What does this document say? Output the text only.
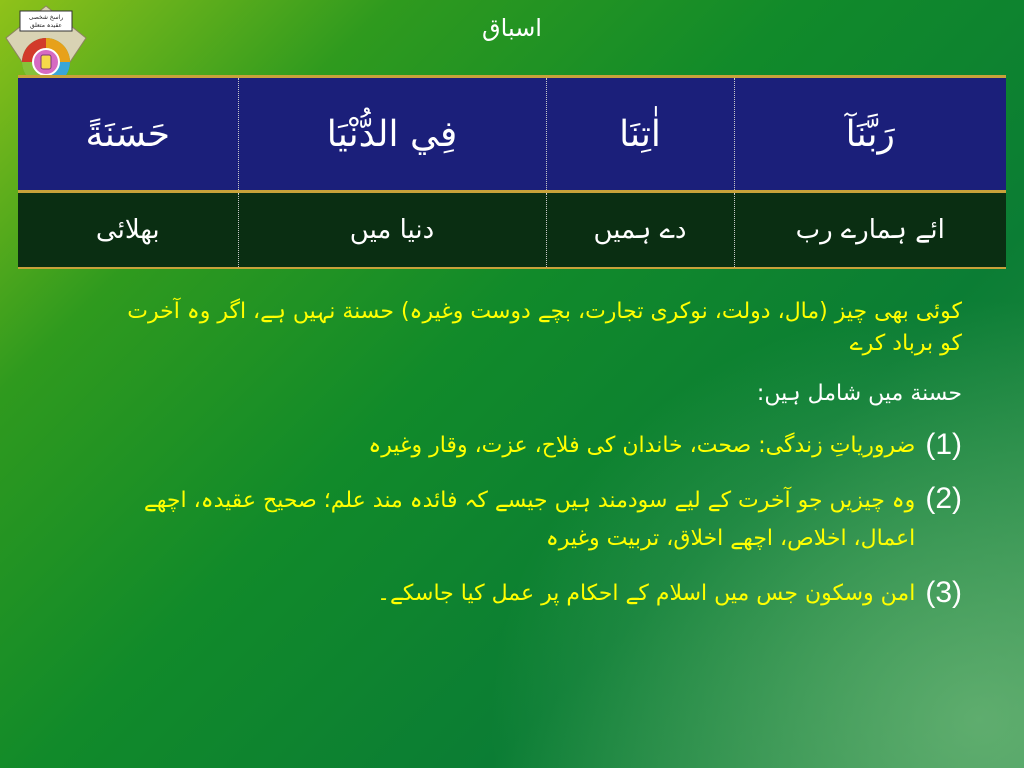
راسخ شخصی
عقیدہ متعلق	اسباق
رَبَّنَآ	اٰتِنَا	فِي الدُّنْيَا	حَسَنَةً
ائے ہمارے رب	دے ہمیں	دنیا میں	بھلائی

کوئی بھی چیز (مال، دولت، نوکری تجارت، بچے دوست وغیرہ) حسنة نہیں ہے، اگر وہ آخرت کو برباد کرے

حسنة میں شامل ہیں:

(1)
ضروریاتِ زندگی: صحت، خاندان کی فلاح، عزت، وقار وغیرہ
(2)
وہ چیزیں جو آخرت کے لیے سودمند ہیں جیسے کہ فائدہ مند علم؛ صحیح عقیدہ، اچھے اعمال، اخلاص، اچھے اخلاق، تربیت وغیرہ
(3)
امن وسکون جس میں اسلام کے احکام پر عمل کیا جاسکے۔
